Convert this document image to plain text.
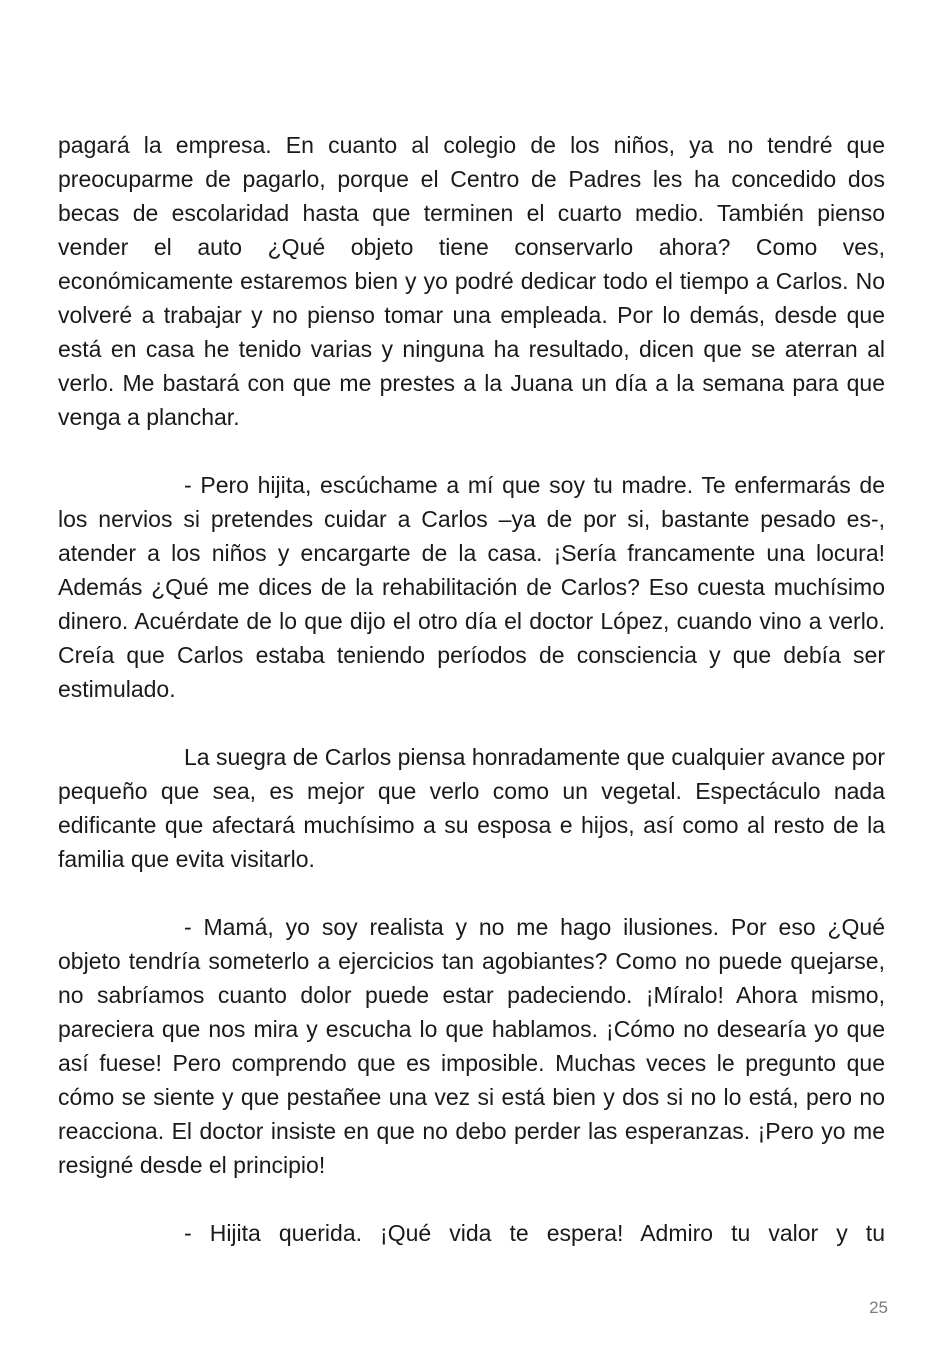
pagará la empresa. En cuanto al colegio de los niños, ya no tendré que preocuparme de pagarlo, porque el Centro de Padres les ha concedido dos becas de escolaridad hasta que terminen el cuarto medio. También pienso vender el auto ¿Qué objeto tiene conservarlo ahora? Como ves, económicamente estaremos bien y yo podré dedicar todo el tiempo a Carlos. No volveré a trabajar y no pienso tomar una empleada. Por lo demás, desde que está en casa he tenido varias y ninguna ha resultado, dicen que se aterran al verlo. Me bastará con que me prestes a la Juana un día a la semana para que venga a planchar.

- Pero hijita, escúchame a mí que soy tu madre. Te enfermarás de los nervios si pretendes cuidar a Carlos –ya de por si, bastante pesado es-, atender a los niños y encargarte de la casa. ¡Sería francamente una locura! Además ¿Qué me dices de la rehabilitación de Carlos? Eso cuesta muchísimo dinero. Acuérdate de lo que dijo el otro día el doctor López, cuando vino a verlo. Creía que Carlos estaba teniendo períodos de consciencia y que debía ser estimulado.

La suegra de Carlos piensa honradamente que cualquier avance por pequeño que sea, es mejor que verlo como un vegetal. Espectáculo nada edificante que afectará muchísimo a su esposa e hijos, así como al resto de la familia que evita visitarlo.

- Mamá, yo soy realista y no me hago ilusiones. Por eso ¿Qué objeto tendría someterlo a ejercicios tan agobiantes? Como no puede quejarse, no sabríamos cuanto dolor puede estar padeciendo. ¡Míralo! Ahora mismo, pareciera que nos mira y escucha lo que hablamos. ¡Cómo no desearía yo que así fuese! Pero comprendo que es imposible. Muchas veces le pregunto que cómo se siente y que pestañee una vez si está bien y dos si no lo está, pero no reacciona. El doctor insiste en que no debo perder las esperanzas. ¡Pero yo me resigné desde el principio!

- Hijita querida. ¡Qué vida te espera! Admiro tu valor y tu

25
